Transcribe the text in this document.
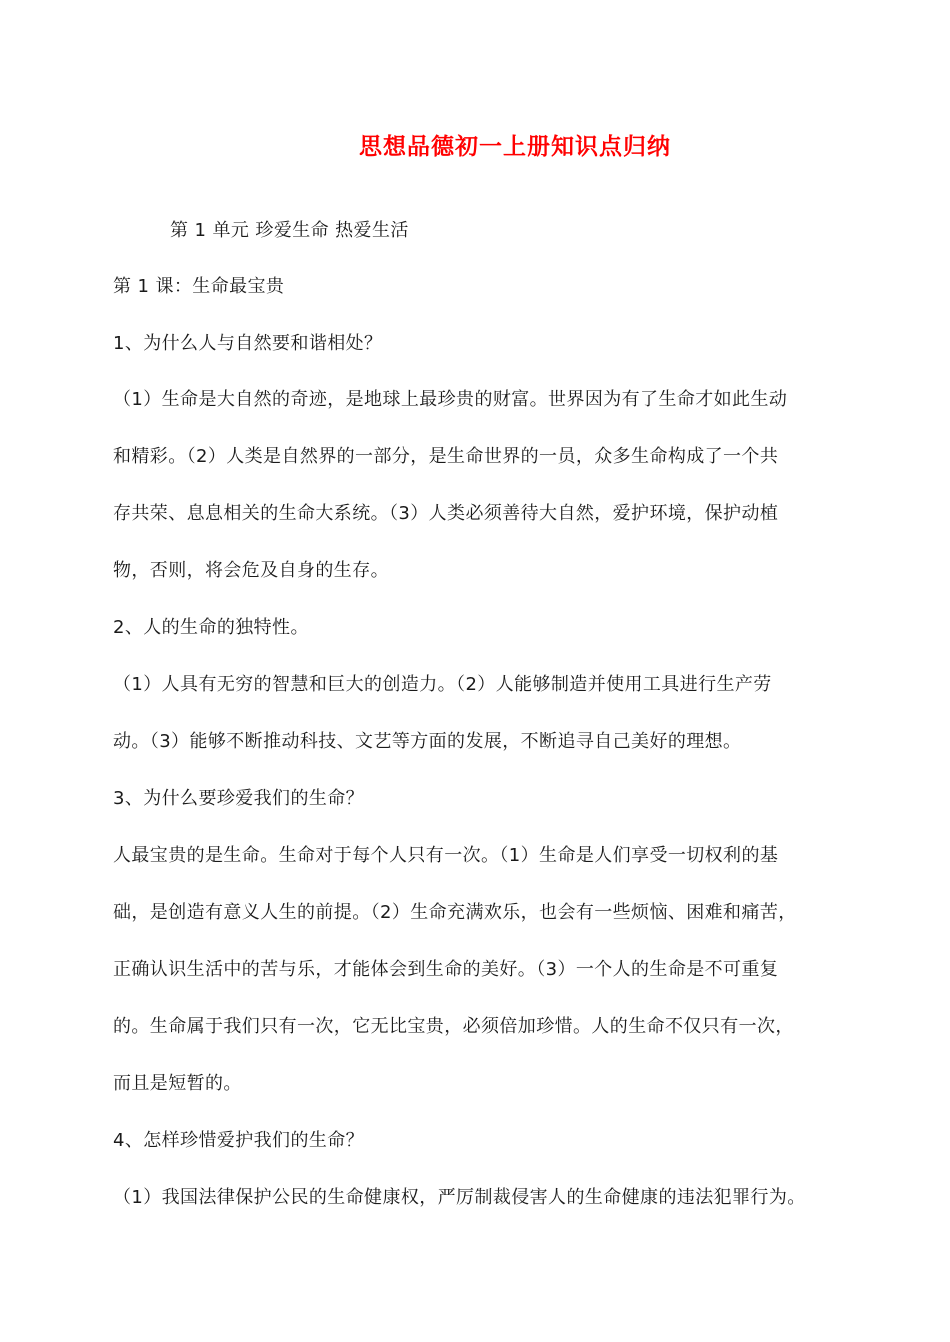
思想品德初一上册知识点归纳
第 1 单元 珍爱生命 热爱生活
第 1 课：生命最宝贵
1、为什么人与自然要和谐相处？
（1）生命是大自然的奇迹，是地球上最珍贵的财富。世界因为有了生命才如此生动
和精彩。（2）人类是自然界的一部分，是生命世界的一员，众多生命构成了一个共
存共荣、息息相关的生命大系统。（3）人类必须善待大自然，爱护环境，保护动植
物，否则，将会危及自身的生存。
2、人的生命的独特性。
（1）人具有无穷的智慧和巨大的创造力。（2）人能够制造并使用工具进行生产劳
动。（3）能够不断推动科技、文艺等方面的发展，不断追寻自己美好的理想。
3、为什么要珍爱我们的生命？
人最宝贵的是生命。生命对于每个人只有一次。（1）生命是人们享受一切权利的基
础，是创造有意义人生的前提。（2）生命充满欢乐，也会有一些烦恼、困难和痛苦，
正确认识生活中的苦与乐，才能体会到生命的美好。（3）一个人的生命是不可重复
的。生命属于我们只有一次，它无比宝贵，必须倍加珍惜。人的生命不仅只有一次，
而且是短暂的。
4、怎样珍惜爱护我们的生命？
（1）我国法律保护公民的生命健康权，严厉制裁侵害人的生命健康的违法犯罪行为。
